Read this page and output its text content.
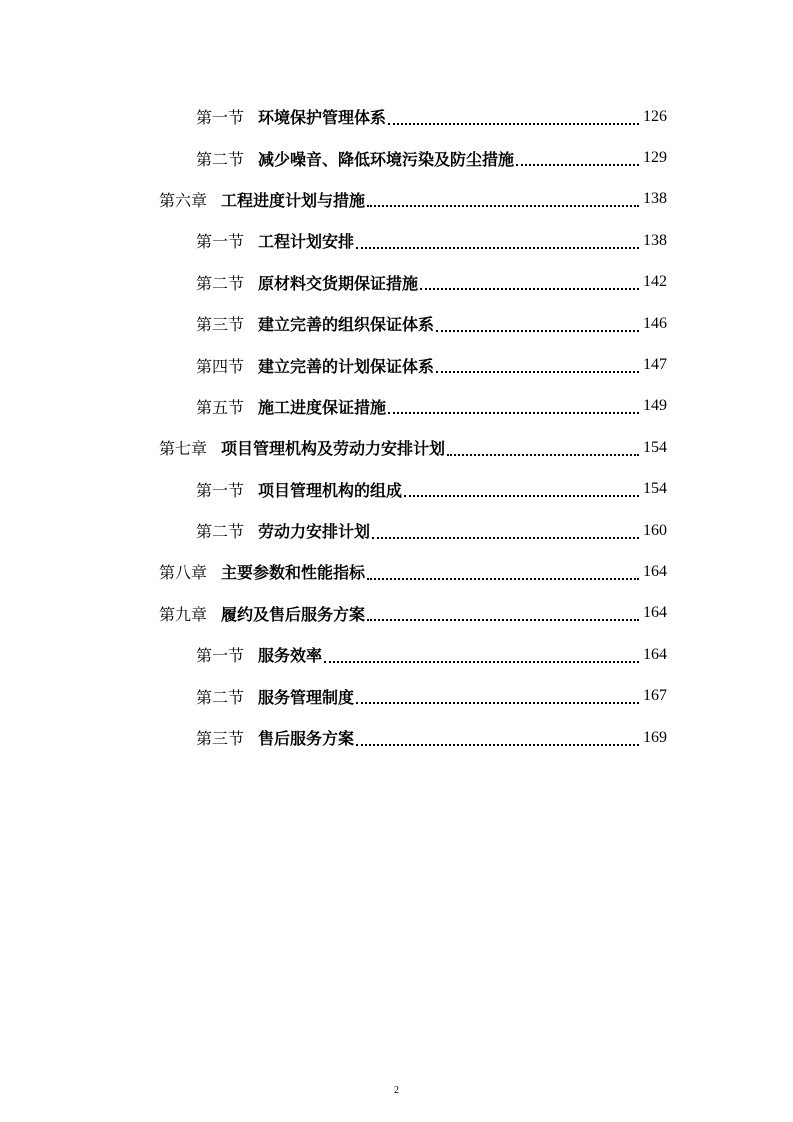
第一节 环境保护管理体系	126
第二节 减少噪音、降低环境污染及防尘措施	129
第六章 工程进度计划与措施	138
第一节 工程计划安排	138
第二节 原材料交货期保证措施	142
第三节 建立完善的组织保证体系	146
第四节 建立完善的计划保证体系	147
第五节 施工进度保证措施	149
第七章 项目管理机构及劳动力安排计划	154
第一节 项目管理机构的组成	154
第二节 劳动力安排计划	160
第八章 主要参数和性能指标	164
第九章 履约及售后服务方案	164
第一节 服务效率	164
第二节 服务管理制度	167
第三节 售后服务方案	169
2
